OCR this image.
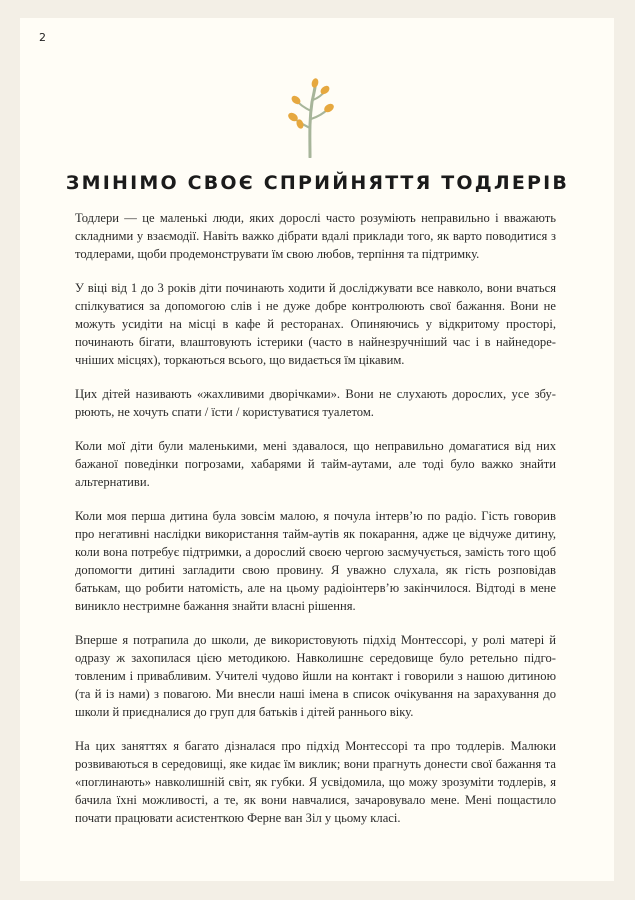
2
ЗМІНІМО СВОЄ СПРИЙНЯТТЯ ТОДЛЕРІВ

Тодлери — це маленькі люди, яких дорослі часто розуміють неправильно і вважають складними у взаємодії. Навіть важко дібрати вдалі приклади того, як варто поводитися з тодлерами, щоби продемонструвати їм свою любов, терпіння та підтримку.

У віці від 1 до 3 років діти починають ходити й досліджувати все навколо, вони вчаться спілкуватися за допомогою слів і не дуже добре контролюють свої бажання. Вони не можуть усидіти на місці в кафе й ресторанах. Опиняючись у відкритому просторі, починають бігати, влаштовують істерики (часто в найнезручніший час і в найнедоречніших місцях), торкаються всього, що видається їм цікавим.

Цих дітей називають «жахливими дворічками». Вони не слухають дорослих, усе збурюють, не хочуть спати / їсти / користуватися туалетом.

Коли мої діти були маленькими, мені здавалося, що неправильно домагатися від них бажаної поведінки погрозами, хабарями й тайм-аутами, але тоді було важко знайти альтернативи.

Коли моя перша дитина була зовсім малою, я почула інтерв’ю по радіо. Гість говорив про негативні наслідки використання тайм-аутів як покарання, адже це відчуже дитину, коли вона потребує підтримки, а дорослий своєю чергою засмучується, замість того щоб допомогти дитині загладити свою провину. Я уважно слухала, як гість розповідав батькам, що робити натомість, але на цьому радіоінтерв’ю закінчилося. Відтоді в мене виникло нестримне бажання знайти власні рішення.

Вперше я потрапила до школи, де використовують підхід Монтессорі, у ролі матері й одразу ж захопилася цією методикою. Навколишнє середовище було ретельно підготовленим і привабливим. Учителі чудово йшли на контакт і говорили з нашою дитиною (та й із нами) з повагою. Ми внесли наші імена в список очікування на зарахування до школи й приєдналися до груп для батьків і дітей раннього віку.

На цих заняттях я багато дізналася про підхід Монтессорі та про тодлерів. Малюки розвиваються в середовищі, яке кидає їм виклик; вони прагнуть донести свої бажання та «поглинають» навколишній світ, як губки. Я усвідомила, що можу зрозуміти тодлерів, я бачила їхні можливості, а те, як вони навчалися, зачаровувало мене. Мені пощастило почати працювати асистенткою Ферне ван Зіл у цьому класі.
